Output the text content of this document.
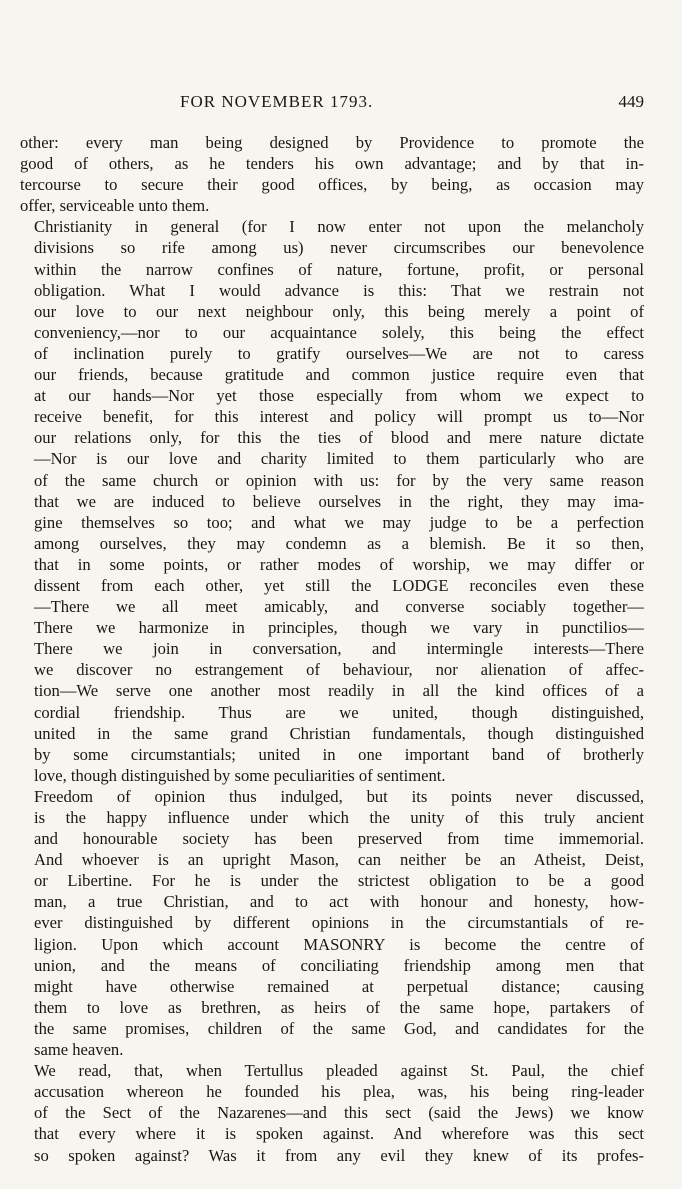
FOR NOVEMBER 1793.	449

other: every man being designed by Providence to promote the
good of others, as he tenders his own advantage; and by that in-
tercourse to secure their good offices, by being, as occasion may
offer, serviceable unto them.

Christianity in general (for I now enter not upon the melancholy
divisions so rife among us) never circumscribes our benevolence
within the narrow confines of nature, fortune, profit, or personal
obligation. What I would advance is this: That we restrain not
our love to our next neighbour only, this being merely a point of
conveniency,—nor to our acquaintance solely, this being the effect
of inclination purely to gratify ourselves—We are not to caress
our friends, because gratitude and common justice require even that
at our hands—Nor yet those especially from whom we expect to
receive benefit, for this interest and policy will prompt us to—Nor
our relations only, for this the ties of blood and mere nature dictate
—Nor is our love and charity limited to them particularly who are
of the same church or opinion with us: for by the very same reason
that we are induced to believe ourselves in the right, they may ima-
gine themselves so too; and what we may judge to be a perfection
among ourselves, they may condemn as a blemish. Be it so then,
that in some points, or rather modes of worship, we may differ or
dissent from each other, yet still the LODGE reconciles even these
—There we all meet amicably, and converse sociably together—
There we harmonize in principles, though we vary in punctilios—
There we join in conversation, and intermingle interests—There
we discover no estrangement of behaviour, nor alienation of affec-
tion—We serve one another most readily in all the kind offices of a
cordial friendship. Thus are we united, though distinguished,
united in the same grand Christian fundamentals, though distinguished
by some circumstantials; united in one important band of brotherly
love, though distinguished by some peculiarities of sentiment.

Freedom of opinion thus indulged, but its points never discussed,
is the happy influence under which the unity of this truly ancient
and honourable society has been preserved from time immemorial.
And whoever is an upright Mason, can neither be an Atheist, Deist,
or Libertine. For he is under the strictest obligation to be a good
man, a true Christian, and to act with honour and honesty, how-
ever distinguished by different opinions in the circumstantials of re-
ligion. Upon which account MASONRY is become the centre of
union, and the means of conciliating friendship among men that
might have otherwise remained at perpetual distance; causing
them to love as brethren, as heirs of the same hope, partakers of
the same promises, children of the same God, and candidates for the
same heaven.

We read, that, when Tertullus pleaded against St. Paul, the chief
accusation whereon he founded his plea, was, his being ring-leader
of the Sect of the Nazarenes—and this sect (said the Jews) we know
that every where it is spoken against. And wherefore was this sect
so spoken against? Was it from any evil they knew of its profes-
